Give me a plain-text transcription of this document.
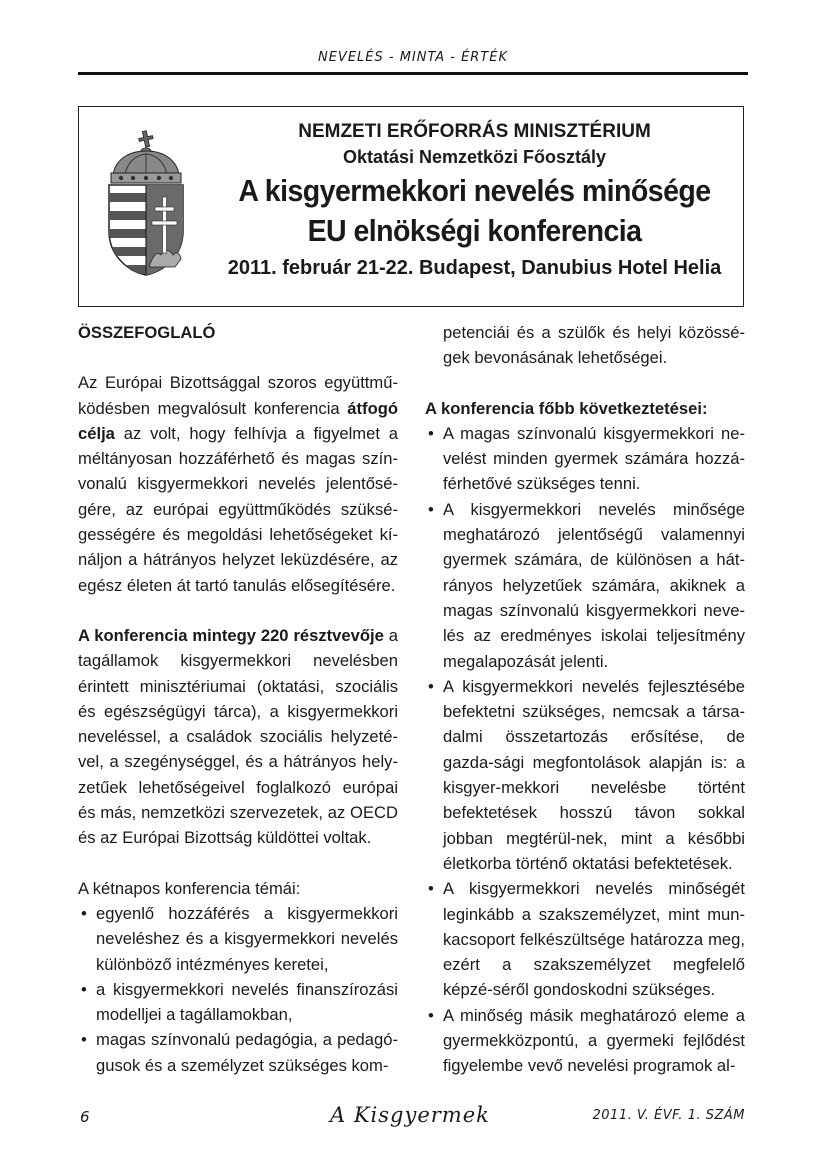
NEVELÉS - MINTA - ÉRTÉK
NEMZETI ERŐFORRÁS MINISZTÉRIUM
Oktatási Nemzetközi Főosztály
A kisgyermekkori nevelés minősége
EU elnökségi konferencia
2011. február 21-22. Budapest, Danubius Hotel Helia

ÖSSZEFOGLALÓ

Az Európai Bizottsággal szoros együttmű-ködésben megvalósult konferencia átfogó célja az volt, hogy felhívja a figyelmet a méltányosan hozzáférhető és magas szín-vonalú kisgyermekkori nevelés jelentősé-gére, az európai együttműködés szüksé-gességére és megoldási lehetőségeket kí-náljon a hátrányos helyzet leküzdésére, az egész életen át tartó tanulás elősegítésére.

A konferencia mintegy 220 résztvevője a tagállamok kisgyermekkori nevelésben érintett minisztériumai (oktatási, szociális és egészségügyi tárca), a kisgyermekkori neveléssel, a családok szociális helyzeté-vel, a szegénységgel, és a hátrányos hely-zetűek lehetőségeivel foglalkozó európai és más, nemzetközi szervezetek, az OECD és az Európai Bizottság küldöttei voltak.

A kétnapos konferencia témái:

• egyenlő hozzáférés a kisgyermekkori neveléshez és a kisgyermekkori nevelés különböző intézményes keretei,
• a kisgyermekkori nevelés finanszírozási modelljei a tagállamokban,
• magas színvonalú pedagógia, a pedagó-gusok és a személyzet szükséges kom-

petenciái és a szülők és helyi közössé-gek bevonásának lehetőségei.

A konferencia főbb következtetései:

• A magas színvonalú kisgyermekkori ne-velést minden gyermek számára hozzá-férhetővé szükséges tenni.
• A kisgyermekkori nevelés minősége meghatározó jelentőségű valamennyi gyermek számára, de különösen a hát-rányos helyzetűek számára, akiknek a magas színvonalú kisgyermekkori neve-lés az eredményes iskolai teljesítmény megalapozását jelenti.
• A kisgyermekkori nevelés fejlesztésébe befektetni szükséges, nemcsak a társa-dalmi összetartozás erősítése, de gazda-sági megfontolások alapján is: a kisgyer-mekkori nevelésbe történt befektetések hosszú távon sokkal jobban megtérül-nek, mint a későbbi életkorba történő oktatási befektetések.
• A kisgyermekkori nevelés minőségét leginkább a szakszemélyzet, mint mun-kacsoport felkészültsége határozza meg, ezért a szakszemélyzet megfelelő képzé-séről gondoskodni szükséges.
• A minőség másik meghatározó eleme a gyermekközpontú, a gyermeki fejlődést figyelembe vevő nevelési programok al-
6	A Kisgyermek	2011. V. ÉVF. 1. SZÁM
